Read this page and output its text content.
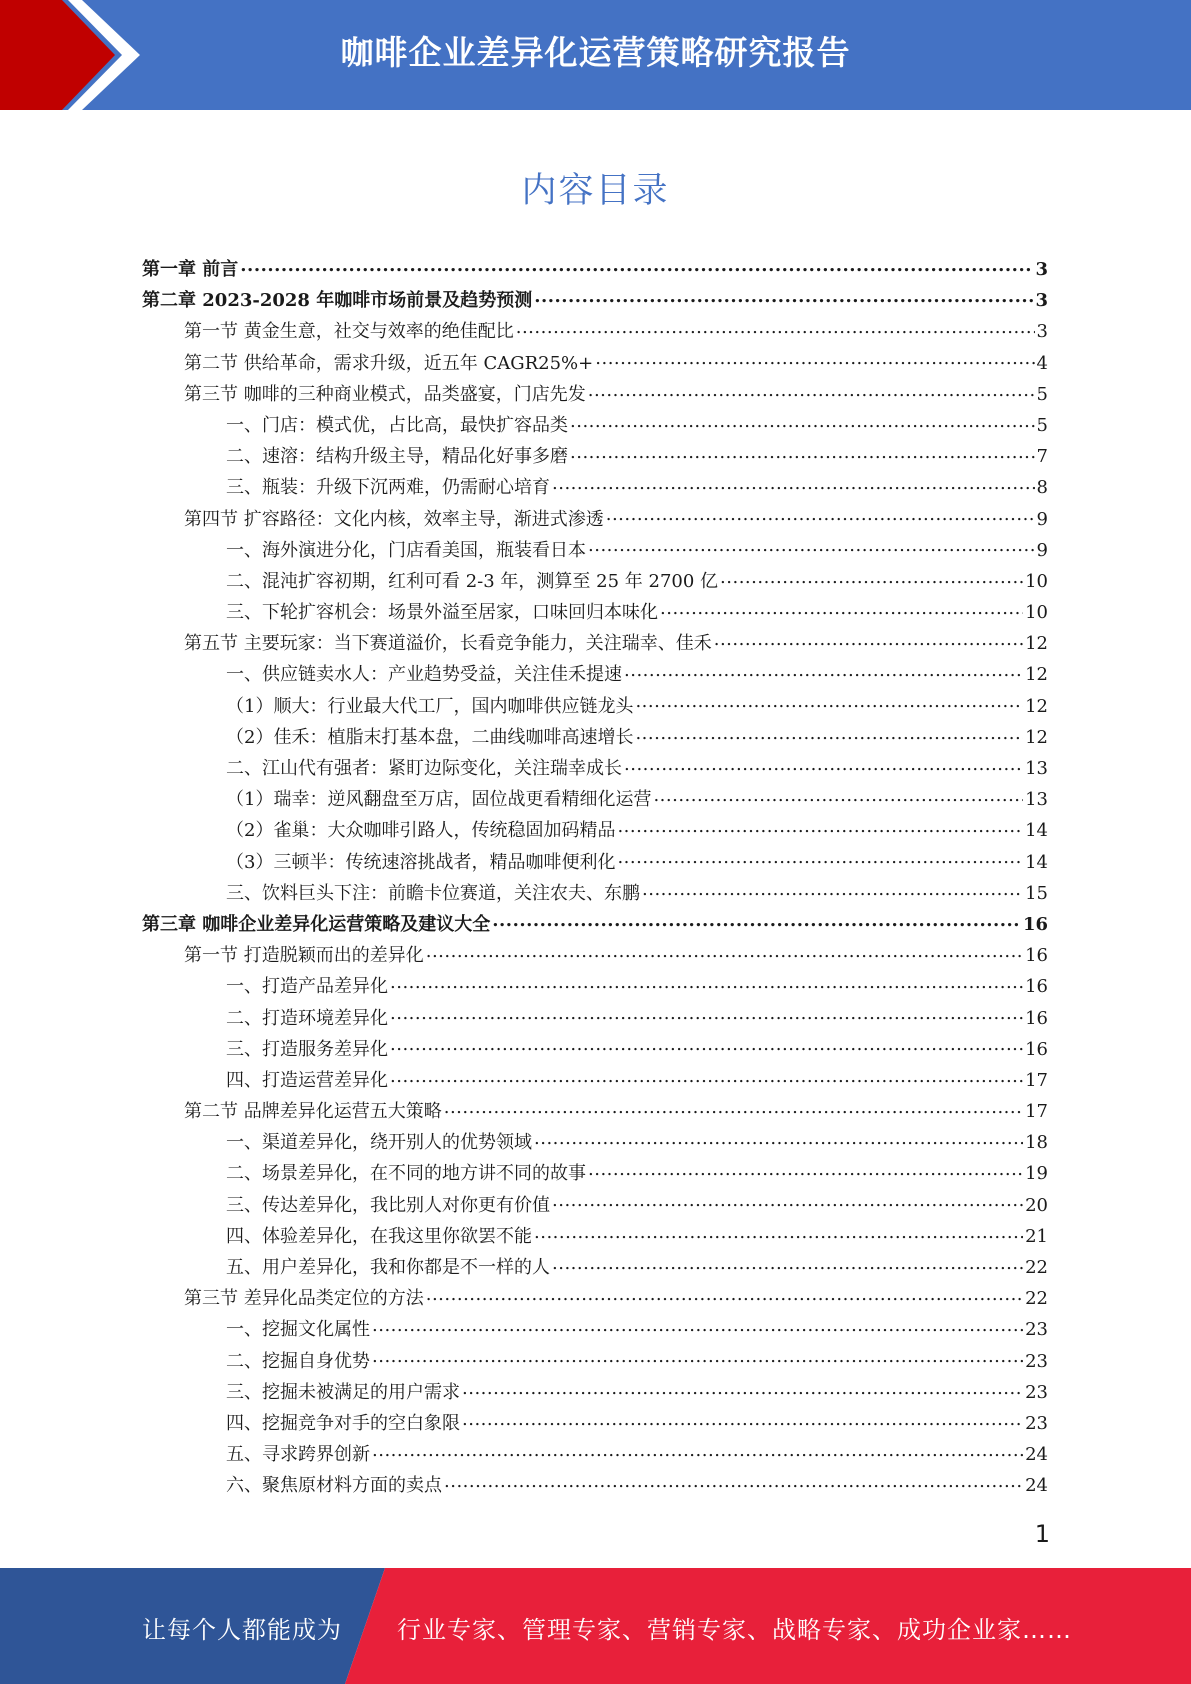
咖啡企业差异化运营策略研究报告
内容目录
第一章 前言 .....	3
第二章 2023-2028 年咖啡市场前景及趋势预测 .....	3
第一节 黄金生意，社交与效率的绝佳配比 .....	3
第二节 供给革命，需求升级，近五年 CAGR25%+ .....	4
第三节 咖啡的三种商业模式，品类盛宴，门店先发 .....	5
一、门店：模式优，占比高，最快扩容品类 .....	5
二、速溶：结构升级主导，精品化好事多磨 .....	7
三、瓶装：升级下沉两难，仍需耐心培育 .....	8
第四节 扩容路径：文化内核，效率主导，渐进式渗透 .....	9
一、海外演进分化，门店看美国，瓶装看日本 .....	9
二、混沌扩容初期，红利可看 2-3 年，测算至 25 年 2700 亿 .....	10
三、下轮扩容机会：场景外溢至居家，口味回归本味化 .....	10
第五节 主要玩家：当下赛道溢价，长看竞争能力，关注瑞幸、佳禾 .....	12
一、供应链卖水人：产业趋势受益，关注佳禾提速 .....	12
（1）顺大：行业最大代工厂，国内咖啡供应链龙头 .....	12
（2）佳禾：植脂末打基本盘，二曲线咖啡高速增长 .....	12
二、江山代有强者：紧盯边际变化，关注瑞幸成长 .....	13
（1）瑞幸：逆风翻盘至万店，固位战更看精细化运营 .....	13
（2）雀巢：大众咖啡引路人，传统稳固加码精品 .....	14
（3）三顿半：传统速溶挑战者，精品咖啡便利化 .....	14
三、饮料巨头下注：前瞻卡位赛道，关注农夫、东鹏 .....	15
第三章 咖啡企业差异化运营策略及建议大全 .....	16
第一节 打造脱颖而出的差异化 .....	16
一、打造产品差异化 .....	16
二、打造环境差异化 .....	16
三、打造服务差异化 .....	16
四、打造运营差异化 .....	17
第二节 品牌差异化运营五大策略 .....	17
一、渠道差异化，绕开别人的优势领域 .....	18
二、场景差异化，在不同的地方讲不同的故事 .....	19
三、传达差异化，我比别人对你更有价值 .....	20
四、体验差异化，在我这里你欲罢不能 .....	21
五、用户差异化，我和你都是不一样的人 .....	22
第三节 差异化品类定位的方法 .....	22
一、挖掘文化属性 .....	23
二、挖掘自身优势 .....	23
三、挖掘未被满足的用户需求 .....	23
四、挖掘竞争对手的空白象限 .....	23
五、寻求跨界创新 .....	24
六、聚焦原材料方面的卖点 .....	24
1
让每个人都能成为 行业专家、管理专家、营销专家、战略专家、成功企业家……
